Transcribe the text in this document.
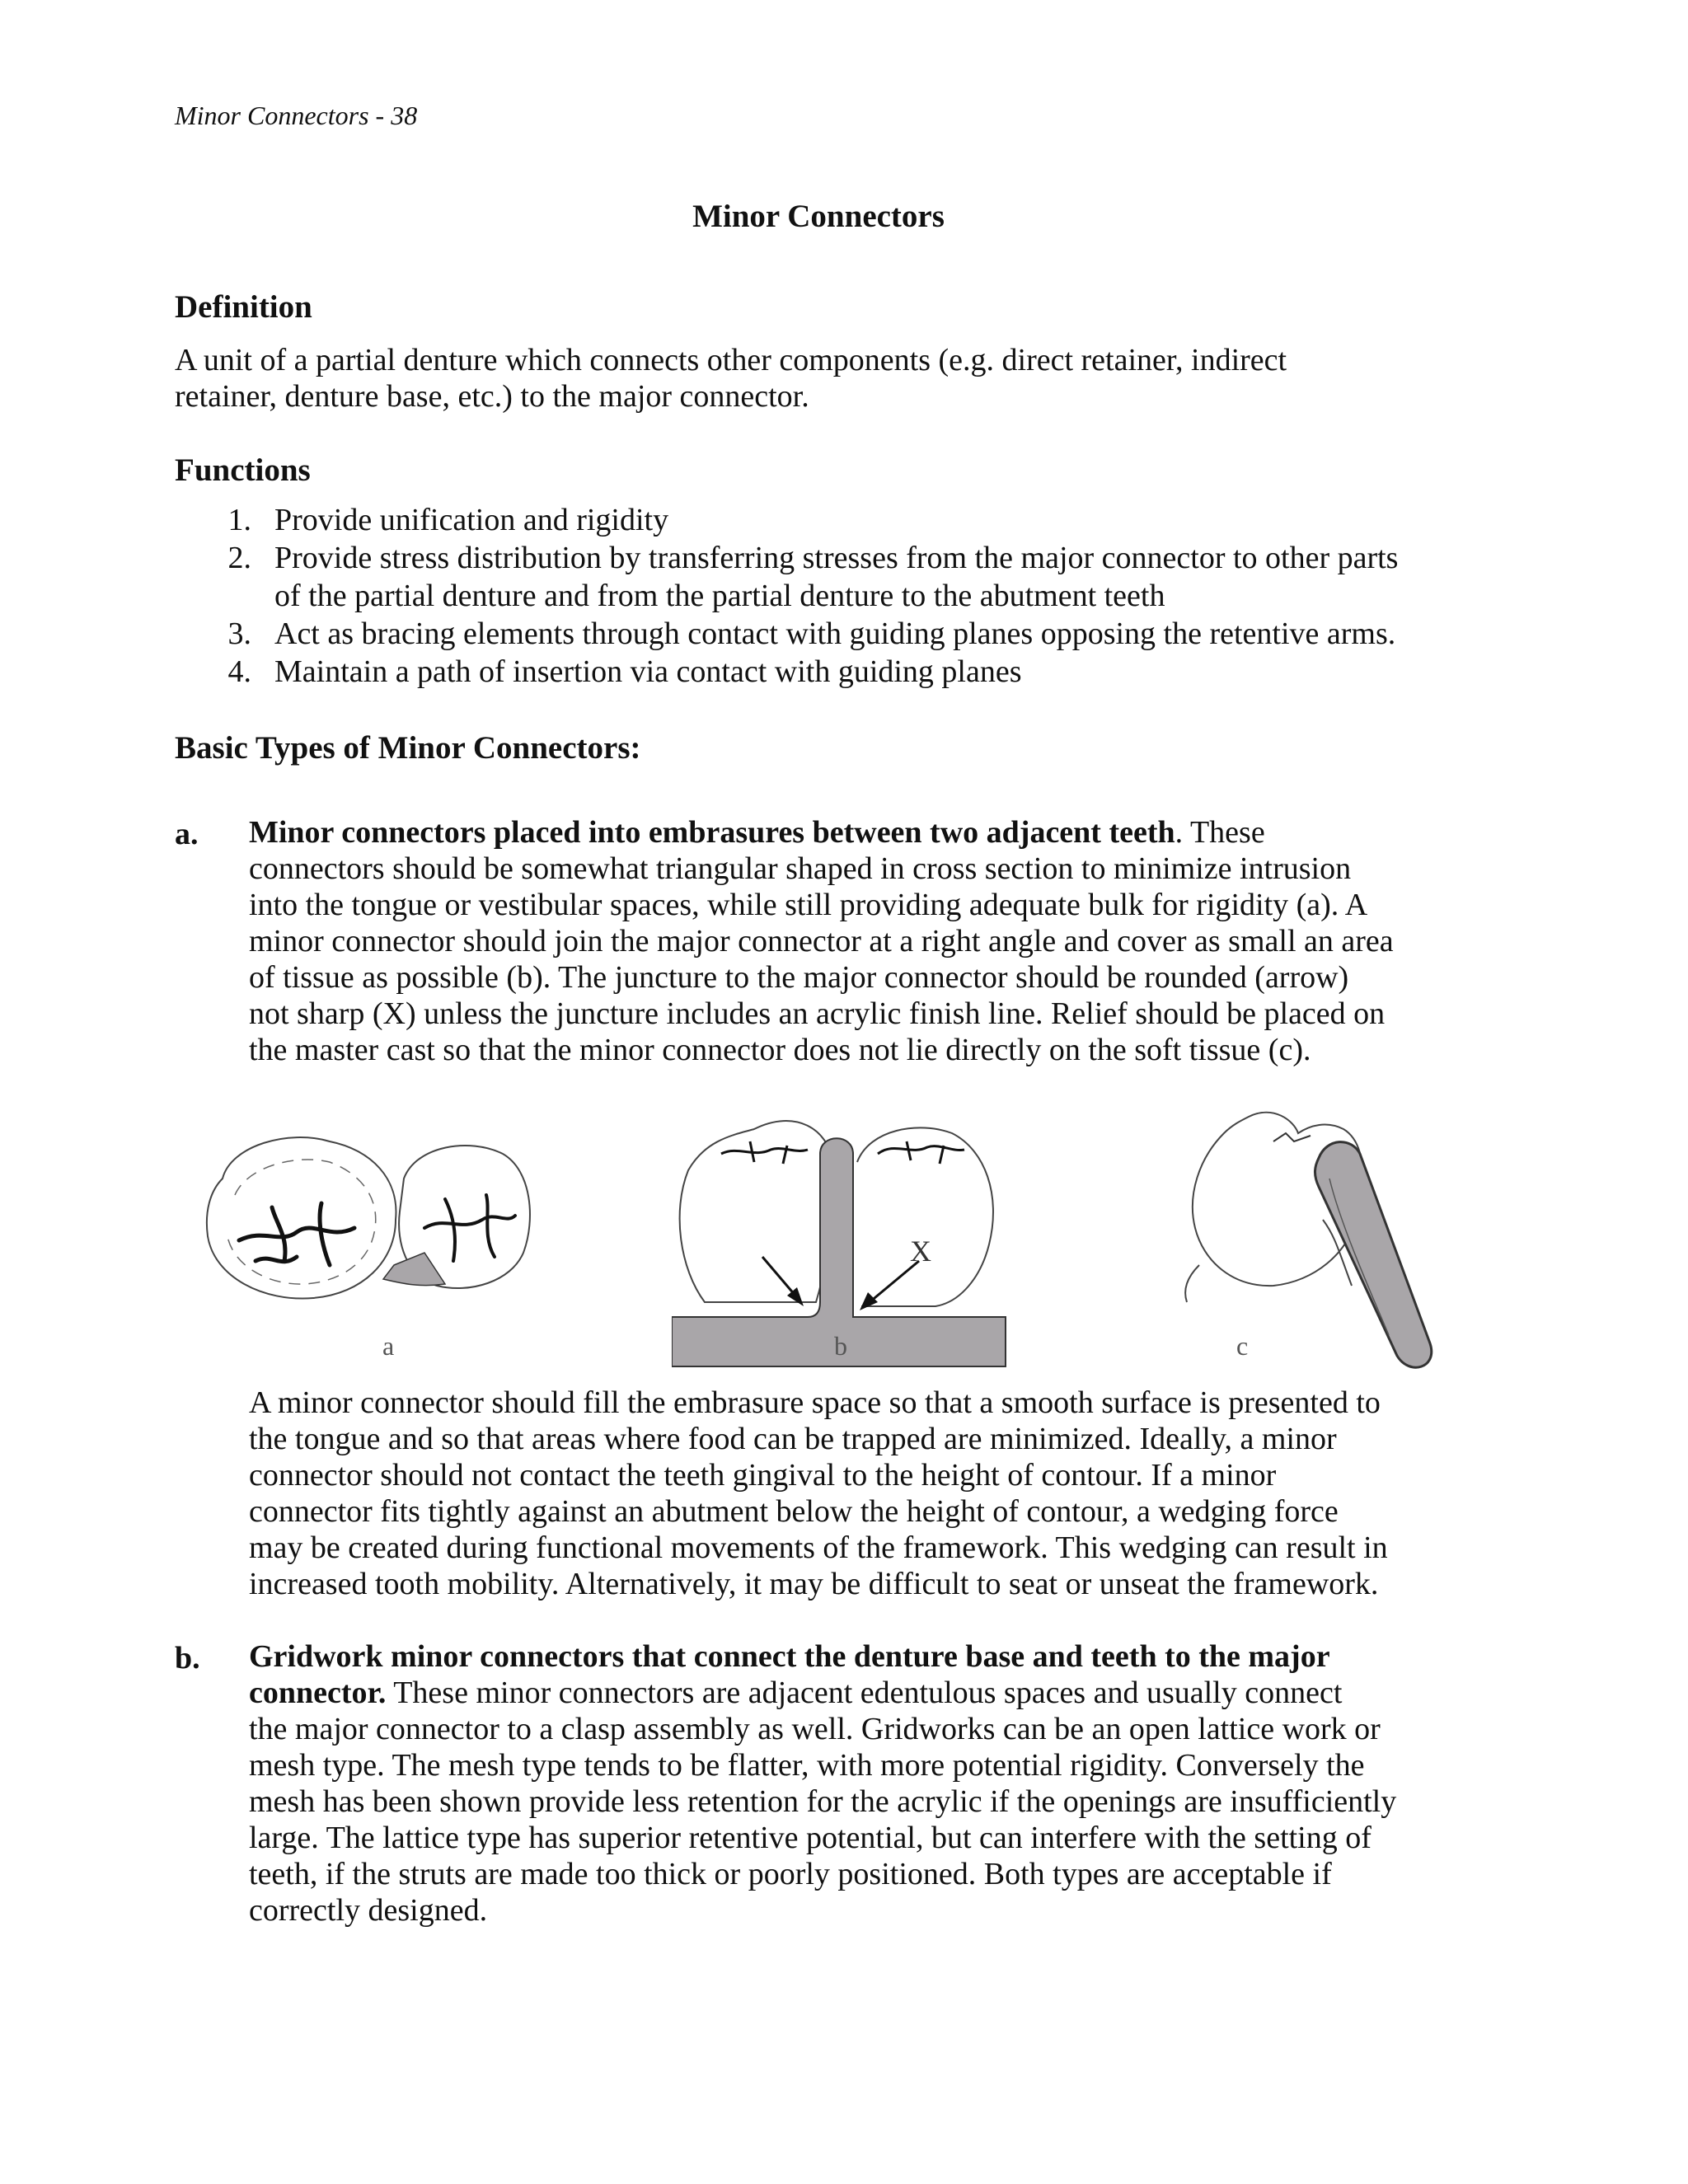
Minor Connectors - 38
Minor Connectors
Definition
A unit of a partial denture which connects other components (e.g. direct retainer, indirect
retainer, denture base, etc.) to the major connector.
Functions
1. Provide unification and rigidity
2. Provide stress distribution by transferring stresses from the major connector to other parts
of the partial denture and from the partial denture to the abutment teeth
3. Act as bracing elements through contact with guiding planes opposing the retentive arms.
4. Maintain a path of insertion via contact with guiding planes
Basic Types of Minor Connectors:
a. Minor connectors placed into embrasures between two adjacent teeth. These
connectors should be somewhat triangular shaped in cross section to minimize intrusion
into the tongue or vestibular spaces, while still providing adequate bulk for rigidity (a). A
minor connector should join the major connector at a right angle and cover as small an area
of tissue as possible (b). The juncture to the major connector should be rounded (arrow)
not sharp (X) unless the juncture includes an acrylic finish line. Relief should be placed on
the master cast so that the minor connector does not lie directly on the soft tissue (c).
a
X
b	c
A minor connector should fill the embrasure space so that a smooth surface is presented to
the tongue and so that areas where food can be trapped are minimized. Ideally, a minor
connector should not contact the teeth gingival to the height of contour. If a minor
connector fits tightly against an abutment below the height of contour, a wedging force
may be created during functional movements of the framework. This wedging can result in
increased tooth mobility. Alternatively, it may be difficult to seat or unseat the framework.
b. Gridwork minor connectors that connect the denture base and teeth to the major
connector. These minor connectors are adjacent edentulous spaces and usually connect
the major connector to a clasp assembly as well. Gridworks can be an open lattice work or
mesh type. The mesh type tends to be flatter, with more potential rigidity. Conversely the
mesh has been shown provide less retention for the acrylic if the openings are insufficiently
large. The lattice type has superior retentive potential, but can interfere with the setting of
teeth, if the struts are made too thick or poorly positioned. Both types are acceptable if
correctly designed.
